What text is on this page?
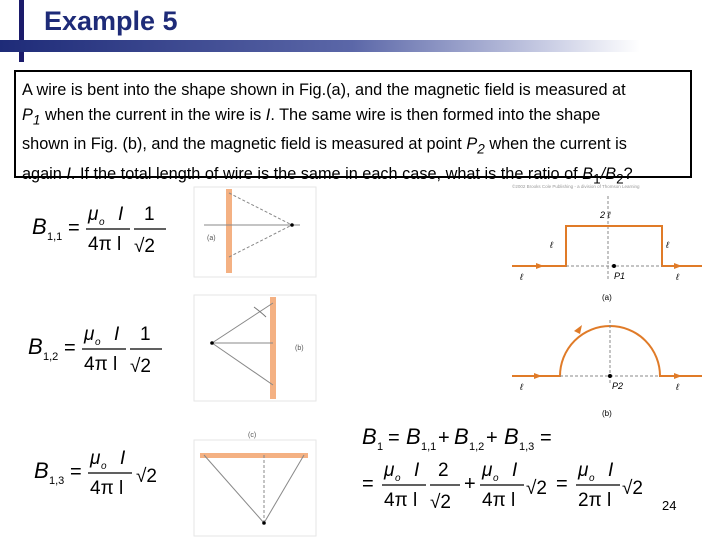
Example 5
A wire is bent into the shape shown in Fig.(a), and the magnetic field is measured at
$P_1$ when the current in the wire is I. The same wire is then formed into the shape
shown in Fig. (b), and the magnetic field is measured at point $P_2$ when the current is
again I. If the total length of wire is the same in each case, what is the ratio of $B_1/B_2$?
(a)
(b)
(c)
©2002 Brooks Cole Publishing - a division of Thomson Learning
2 ℓ
ℓ	ℓ
ℓ	ℓ
P1
(a)
ℓ	ℓ
P2
(b)
B 1,1 =
μ o I
4π l
1
√2
B 1,2 =
μ o I
4π l
1
√2
B 1,3 =
μ o I
4π l
√2
B 1 = B 1,1 + B 1,2 + B 1,3 =
=
μ o I
4π l
2
√2
+
μ o I
4π l
√2 =
μ o I
2π l
√2
24
